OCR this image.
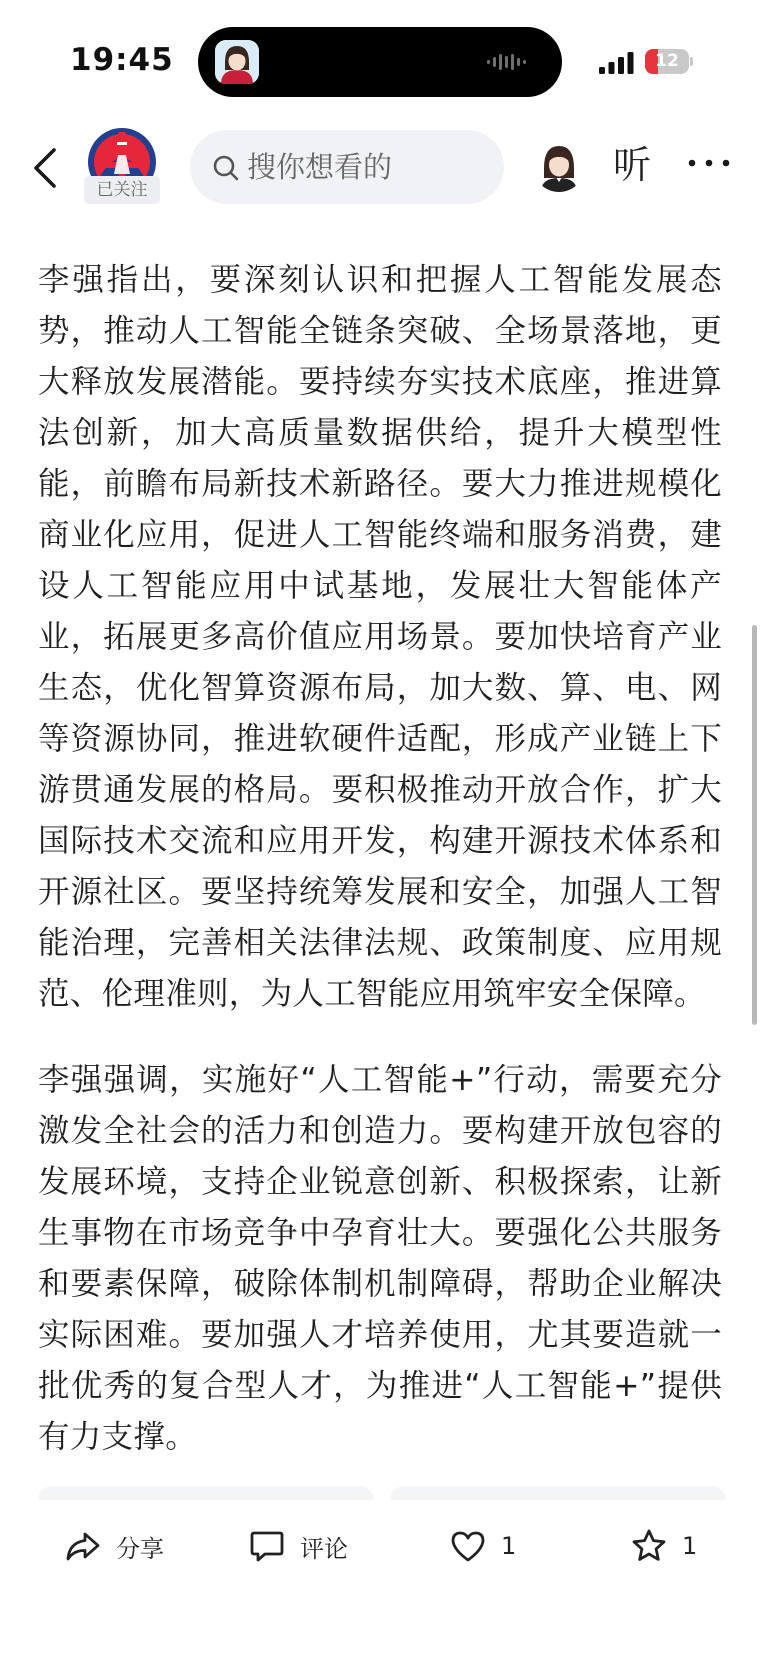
19:45	12
已关注
搜你想看的	听

李强指出，要深刻认识和把握人工智能发展态势，推动人工智能全链条突破、全场景落地，更大释放发展潜能。要持续夯实技术底座，推进算法创新，加大高质量数据供给，提升大模型性能，前瞻布局新技术新路径。要大力推进规模化商业化应用，促进人工智能终端和服务消费，建设人工智能应用中试基地，发展壮大智能体产业，拓展更多高价值应用场景。要加快培育产业生态，优化智算资源布局，加大数、算、电、网等资源协同，推进软硬件适配，形成产业链上下游贯通发展的格局。要积极推动开放合作，扩大国际技术交流和应用开发，构建开源技术体系和开源社区。要坚持统筹发展和安全，加强人工智能治理，完善相关法律法规、政策制度、应用规范、伦理准则，为人工智能应用筑牢安全保障。

李强强调，实施好“人工智能+”行动，需要充分激发全社会的活力和创造力。要构建开放包容的发展环境，支持企业锐意创新、积极探索，让新生事物在市场竞争中孕育壮大。要强化公共服务和要素保障，破除体制机制障碍，帮助企业解决实际困难。要加强人才培养使用，尤其要造就一批优秀的复合型人才，为推进“人工智能+”提供有力支撑。

分享	评论	1	1
